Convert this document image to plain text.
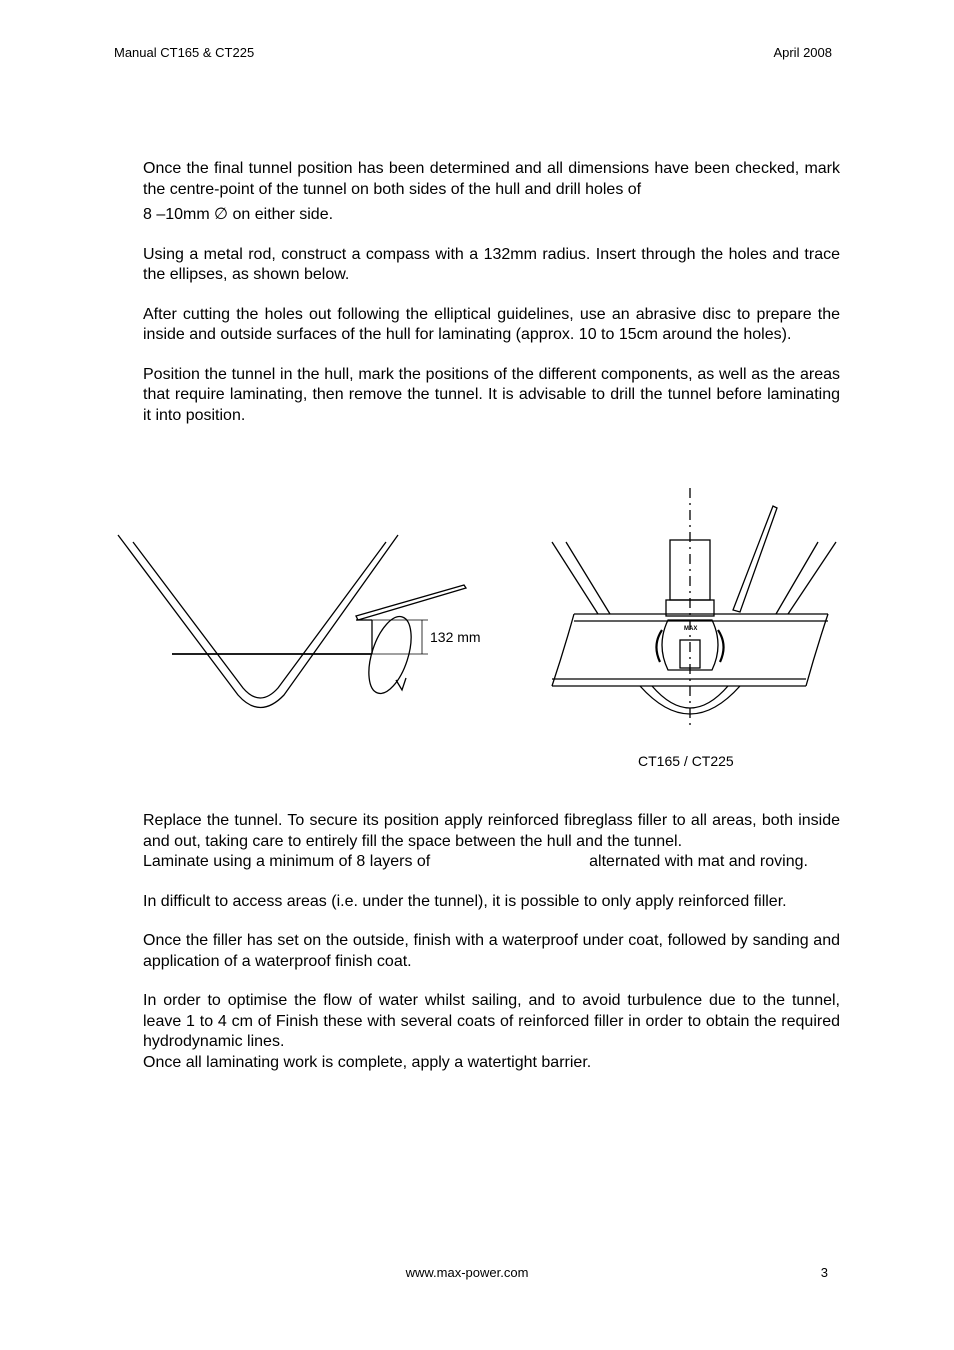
Manual CT165 & CT225	April 2008

Once the final tunnel position has been determined and all dimensions have been checked, mark the centre-point of the tunnel on both sides of the hull and drill holes of
8 –10mm ∅ on either side.

Using a metal rod, construct a compass with a 132mm radius. Insert through the holes and trace the ellipses, as shown below.

After cutting the holes out following the elliptical guidelines, use an abrasive disc to prepare the inside and outside surfaces of the hull for laminating (approx. 10 to 15cm around the holes).

Position the tunnel in the hull, mark the positions of the different components, as well as the areas that require laminating, then remove the tunnel. It is advisable to drill the tunnel before laminating it into position.

132 mm	MAX
CT165 / CT225

Replace the tunnel. To secure its position apply reinforced fibreglass filler to all areas, both inside and out, taking care to entirely fill the space between the hull and the tunnel.

Laminate using a minimum of 8 layers of	alternated with mat and roving.

In difficult to access areas (i.e. under the tunnel), it is possible to only apply reinforced filler.

Once the filler has set on the outside, finish with a waterproof under coat, followed by sanding and application of a waterproof finish coat.

In order to optimise the flow of water whilst sailing, and to avoid turbulence due to the tunnel, leave 1 to 4 cm of Finish these with several coats of reinforced filler in order to obtain the required hydrodynamic lines.

Once all laminating work is complete, apply a watertight barrier.

www.max-power.com	3
